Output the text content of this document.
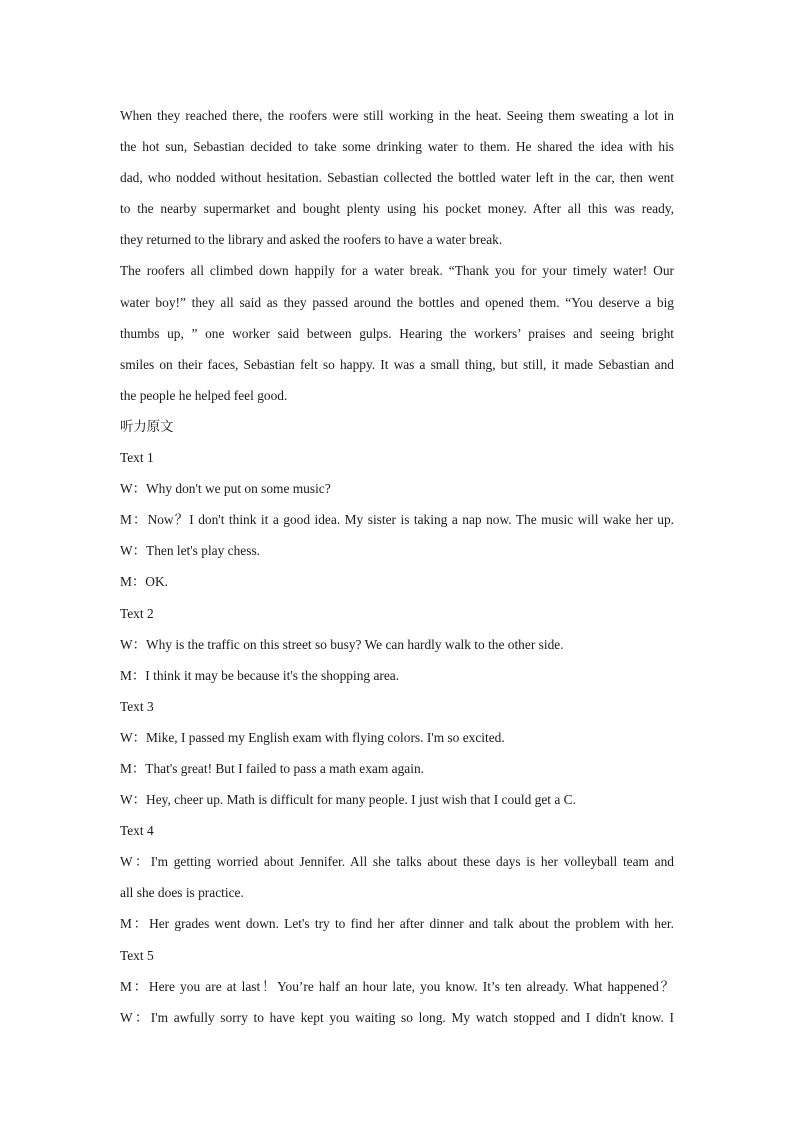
When they reached there, the roofers were still working in the heat. Seeing them sweating a lot in

the hot sun, Sebastian decided to take some drinking water to them. He shared the idea with his

dad, who nodded without hesitation. Sebastian collected the bottled water left in the car, then went

to the nearby supermarket and bought plenty using his pocket money. After all this was ready,

they returned to the library and asked the roofers to have a water break.

The roofers all climbed down happily for a water break. “Thank you for your timely water! Our

water boy!” they all said as they passed around the bottles and opened them. “You deserve a big

thumbs up, ” one worker said between gulps. Hearing the workers’ praises and seeing bright

smiles on their faces, Sebastian felt so happy. It was a small thing, but still, it made Sebastian and

the people he helped feel good.

听力原文

Text 1

W：Why don't we put on some music?

M：Now？I don't think it a good idea. My sister is taking a nap now. The music will wake her up.

W：Then let's play chess.

M：OK.

Text 2

W：Why is the traffic on this street so busy? We can hardly walk to the other side.

M：I think it may be because it's the shopping area.

Text 3

W：Mike, I passed my English exam with flying colors. I'm so excited.

M：That's great! But I failed to pass a math exam again.

W：Hey, cheer up. Math is difficult for many people. I just wish that I could get a C.

Text 4

W：I'm getting worried about Jennifer. All she talks about these days is her volleyball team and

all she does is practice.

M：Her grades went down. Let's try to find her after dinner and talk about the problem with her.

Text 5

M：Here you are at last！You’re half an hour late, you know. It’s ten already. What happened？

W：I'm awfully sorry to have kept you waiting so long. My watch stopped and I didn't know. I
